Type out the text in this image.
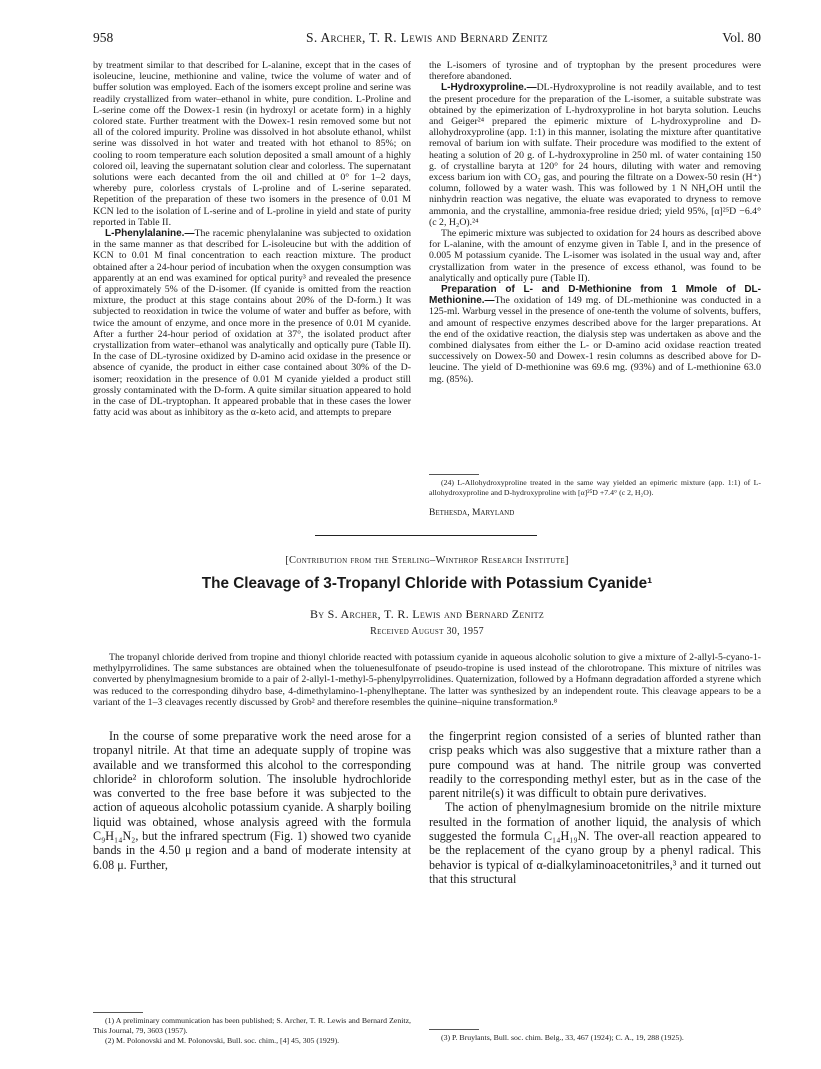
958	S. Archer, T. R. Lewis and Bernard Zenitz	Vol. 80

by treatment similar to that described for L-alanine, except that in the cases of isoleucine, leucine, methionine and valine, twice the volume of water and of buffer solution was employed. Each of the isomers except proline and serine was readily crystallized from water–ethanol in white, pure condition. L-Proline and L-serine come off the Dowex-1 resin (in hydroxyl or acetate form) in a highly colored state. Further treatment with the Dowex-1 resin removed some but not all of the colored impurity. Proline was dissolved in hot absolute ethanol, whilst serine was dissolved in hot water and treated with hot ethanol to 85%; on cooling to room temperature each solution deposited a small amount of a highly colored oil, leaving the supernatant solution clear and colorless. The supernatant solutions were each decanted from the oil and chilled at 0° for 1–2 days, whereby pure, colorless crystals of L-proline and of L-serine separated. Repetition of the preparation of these two isomers in the presence of 0.01 M KCN led to the isolation of L-serine and of L-proline in yield and state of purity reported in Table II.

L-Phenylalanine.—The racemic phenylalanine was subjected to oxidation in the same manner as that described for L-isoleucine but with the addition of KCN to 0.01 M final concentration to each reaction mixture. The product obtained after a 24-hour period of incubation when the oxygen consumption was apparently at an end was examined for optical purity³ and revealed the presence of approximately 5% of the D-isomer. (If cyanide is omitted from the reaction mixture, the product at this stage contains about 20% of the D-form.) It was subjected to reoxidation in twice the volume of water and buffer as before, with twice the amount of enzyme, and once more in the presence of 0.01 M cyanide. After a further 24-hour period of oxidation at 37°, the isolated product after crystallization from water–ethanol was analytically and optically pure (Table II). In the case of DL-tyrosine oxidized by D-amino acid oxidase in the presence or absence of cyanide, the product in either case contained about 30% of the D-isomer; reoxidation in the presence of 0.01 M cyanide yielded a product still grossly contaminated with the D-form. A quite similar situation appeared to hold in the case of DL-tryptophan. It appeared probable that in these cases the lower fatty acid was about as inhibitory as the α-keto acid, and attempts to prepare

the L-isomers of tyrosine and of tryptophan by the present procedures were therefore abandoned.

L-Hydroxyproline.—DL-Hydroxyproline is not readily available, and to test the present procedure for the preparation of the L-isomer, a suitable substrate was obtained by the epimerization of L-hydroxyproline in hot baryta solution. Leuchs and Geiger²⁴ prepared the epimeric mixture of L-hydroxyproline and D-allohydroxyproline (app. 1:1) in this manner, isolating the mixture after quantitative removal of barium ion with sulfate. Their procedure was modified to the extent of heating a solution of 20 g. of L-hydroxyproline in 250 ml. of water containing 150 g. of crystalline baryta at 120° for 24 hours, diluting with water and removing excess barium ion with CO₂ gas, and pouring the filtrate on a Dowex-50 resin (H⁺) column, followed by a water wash. This was followed by 1 N NH₄OH until the ninhydrin reaction was negative, the eluate was evaporated to dryness to remove ammonia, and the crystalline, ammonia-free residue dried; yield 95%, [α]²⁵D −6.4° (c 2, H₂O).²⁴

The epimeric mixture was subjected to oxidation for 24 hours as described above for L-alanine, with the amount of enzyme given in Table I, and in the presence of 0.005 M potassium cyanide. The L-isomer was isolated in the usual way and, after crystallization from water in the presence of excess ethanol, was found to be analytically and optically pure (Table II).

Preparation of L- and D-Methionine from 1 Mmole of DL-Methionine.—The oxidation of 149 mg. of DL-methionine was conducted in a 125-ml. Warburg vessel in the presence of one-tenth the volume of solvents, buffers, and amount of respective enzymes described above for the larger preparations. At the end of the oxidative reaction, the dialysis step was undertaken as above and the combined dialysates from either the L- or D-amino acid oxidase reaction treated successively on Dowex-50 and Dowex-1 resin columns as described above for D-leucine. The yield of D-methionine was 69.6 mg. (93%) and of L-methionine 63.0 mg. (85%).

(24) L-Allohydroxyproline treated in the same way yielded an epimeric mixture (app. 1:1) of L-allohydroxyproline and D-hydroxyproline with [α]²⁵D +7.4° (c 2, H₂O).

Bethesda, Maryland
[Contribution from the Sterling–Winthrop Research Institute]
The Cleavage of 3-Tropanyl Chloride with Potassium Cyanide¹
By S. Archer, T. R. Lewis and Bernard Zenitz
Received August 30, 1957

The tropanyl chloride derived from tropine and thionyl chloride reacted with potassium cyanide in aqueous alcoholic solution to give a mixture of 2-allyl-5-cyano-1-methylpyrrolidines. The same substances are obtained when the toluenesulfonate of pseudo-tropine is used instead of the chlorotropane. This mixture of nitriles was converted by phenylmagnesium bromide to a pair of 2-allyl-1-methyl-5-phenylpyrrolidines. Quaternization, followed by a Hofmann degradation afforded a styrene which was reduced to the corresponding dihydro base, 4-dimethylamino-1-phenylheptane. The latter was synthesized by an independent route. This cleavage appears to be a variant of the 1–3 cleavages recently discussed by Grob² and therefore resembles the quinine–niquine transformation.⁸

In the course of some preparative work the need arose for a tropanyl nitrile. At that time an adequate supply of tropine was available and we transformed this alcohol to the corresponding chloride² in chloroform solution. The insoluble hydrochloride was converted to the free base before it was subjected to the action of aqueous alcoholic potassium cyanide. A sharply boiling liquid was obtained, whose analysis agreed with the formula C₉H₁₄N₂, but the infrared spectrum (Fig. 1) showed two cyanide bands in the 4.50 μ region and a band of moderate intensity at 6.08 μ. Further,

the fingerprint region consisted of a series of blunted rather than crisp peaks which was also suggestive that a mixture rather than a pure compound was at hand. The nitrile group was converted readily to the corresponding methyl ester, but as in the case of the parent nitrile(s) it was difficult to obtain pure derivatives.

The action of phenylmagnesium bromide on the nitrile mixture resulted in the formation of another liquid, the analysis of which suggested the formula C₁₄H₁₉N. The over-all reaction appeared to be the replacement of the cyano group by a phenyl radical. This behavior is typical of α-dialkylaminoacetonitriles,³ and it turned out that this structural

(1) A preliminary communication has been published; S. Archer, T. R. Lewis and Bernard Zenitz, This Journal, 79, 3603 (1957).

(2) M. Polonovski and M. Polonovski, Bull. soc. chim., [4] 45, 305 (1929).	(3) P. Bruylants, Bull. soc. chim. Belg., 33, 467 (1924); C. A., 19, 288 (1925).
